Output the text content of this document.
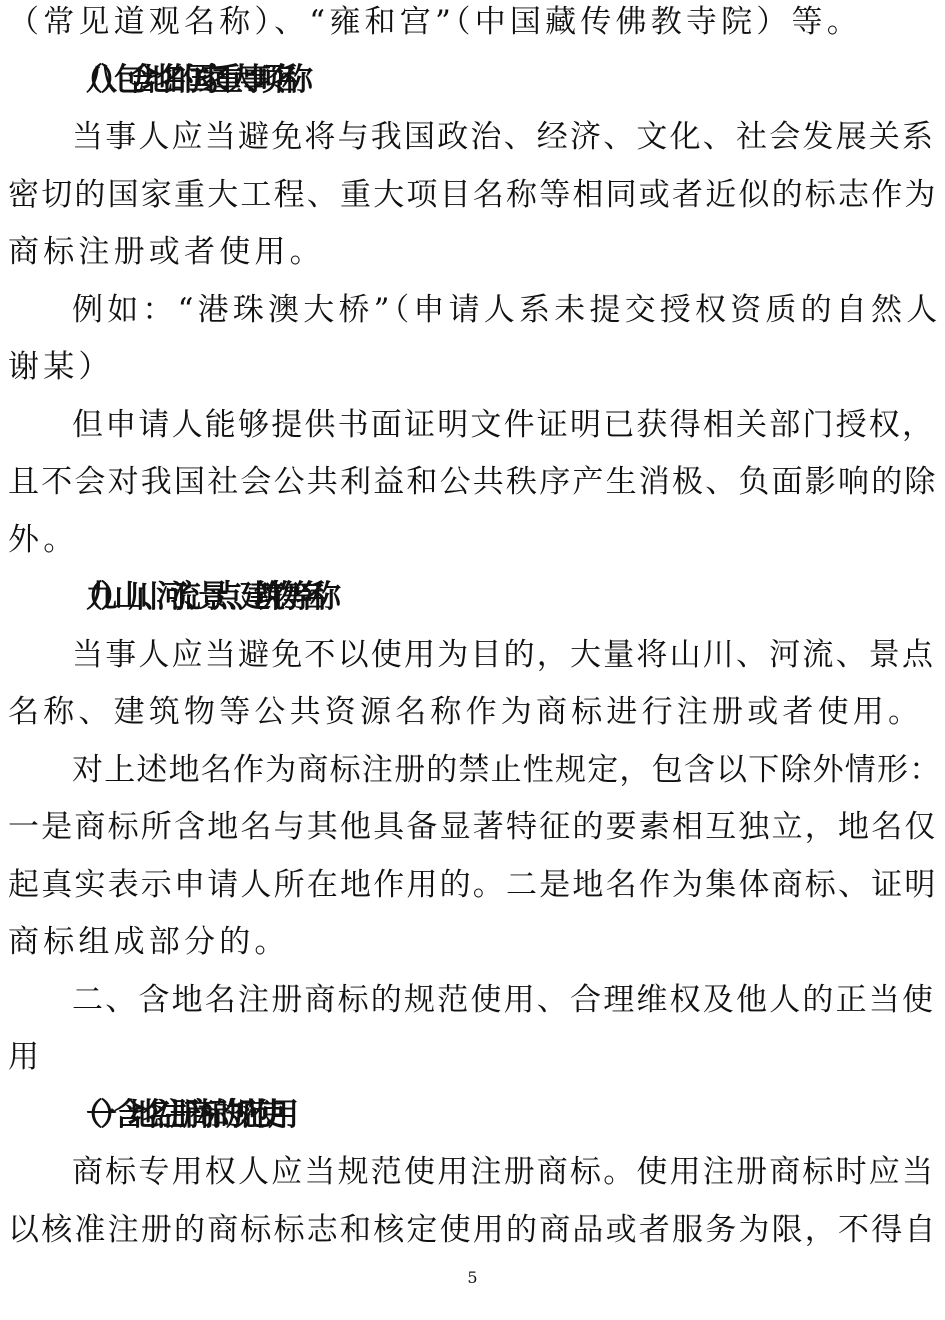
（常见道观名称）、“雍和宫”（中国藏传佛教寺院）等。
（八）包含地名的国家重大事项名称
当事人应当避免将与我国政治、经济、文化、社会发展关系
密切的国家重大工程、重大项目名称等相同或者近似的标志作为
商标注册或者使用。
例如：“港珠澳大桥”（申请人系未提交授权资质的自然人
谢某）
但申请人能够提供书面证明文件证明已获得相关部门授权，
且不会对我国社会公共利益和公共秩序产生消极、负面影响的除
外。
（九）山川、河流、景点、建筑物等名称
当事人应当避免不以使用为目的，大量将山川、河流、景点
名称、建筑物等公共资源名称作为商标进行注册或者使用。
对上述地名作为商标注册的禁止性规定，包含以下除外情形：
一是商标所含地名与其他具备显著特征的要素相互独立，地名仅
起真实表示申请人所在地作用的。二是地名作为集体商标、证明
商标组成部分的。
二、含地名注册商标的规范使用、合理维权及他人的正当使
用
（一）含地名注册商标的规范使用
商标专用权人应当规范使用注册商标。使用注册商标时应当
以核准注册的商标标志和核定使用的商品或者服务为限，不得自
5
